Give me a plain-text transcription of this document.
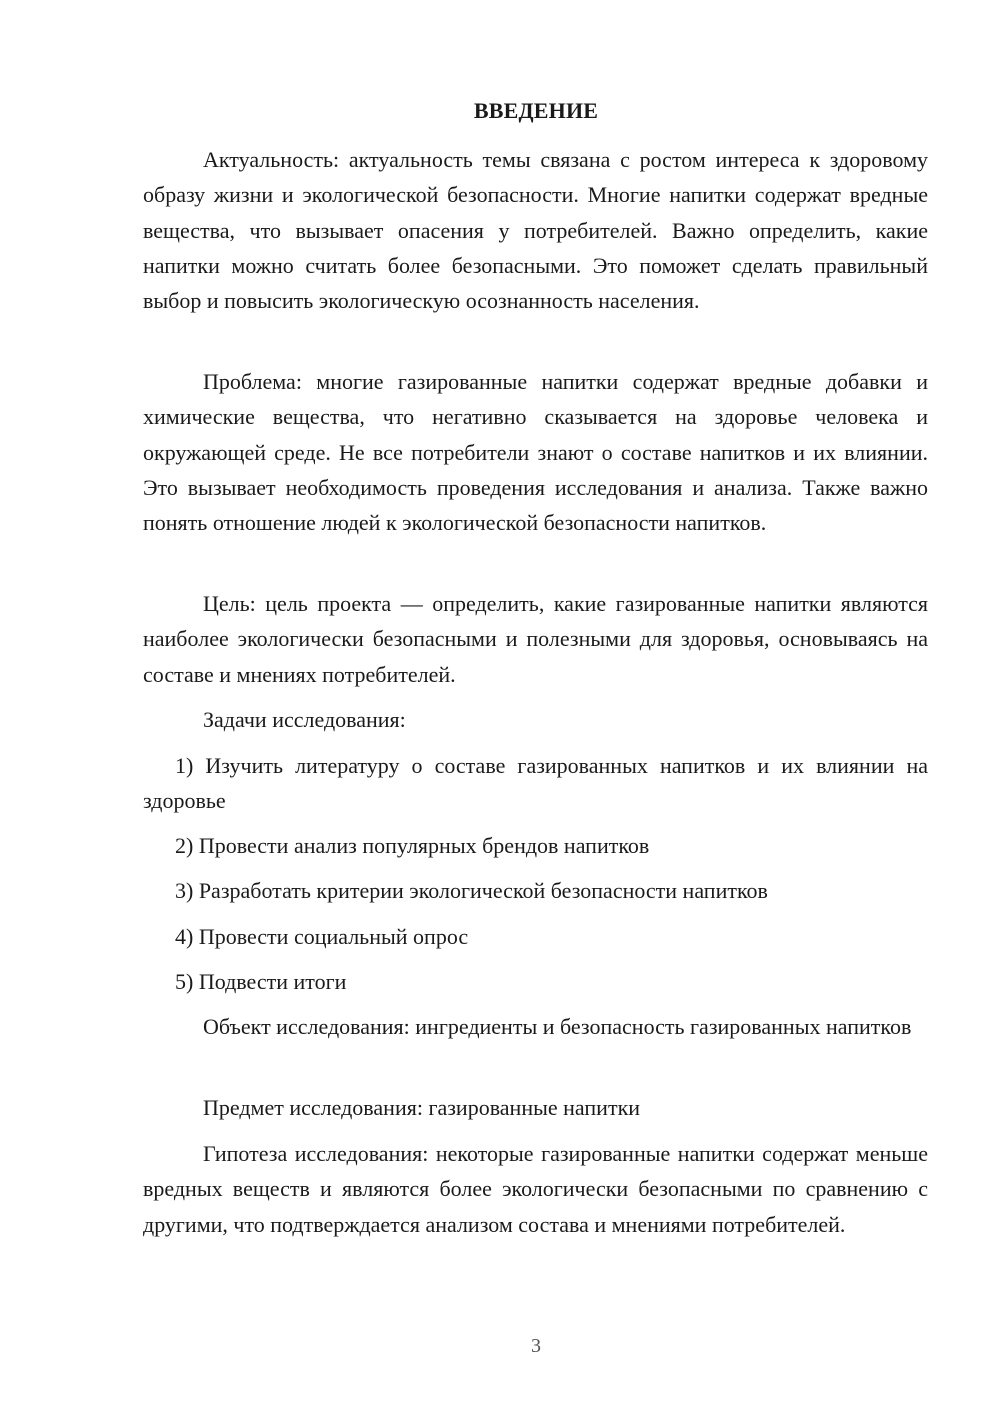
ВВЕДЕНИЕ

Актуальность: актуальность темы связана с ростом интереса к здоровому образу жизни и экологической безопасности. Многие напитки содержат вредные вещества, что вызывает опасения у потребителей. Важно определить, какие напитки можно считать более безопасными. Это поможет сделать правильный выбор и повысить экологическую осознанность населения.

Проблема: многие газированные напитки содержат вредные добавки и химические вещества, что негативно сказывается на здоровье человека и окружающей среде. Не все потребители знают о составе напитков и их влиянии. Это вызывает необходимость проведения исследования и анализа. Также важно понять отношение людей к экологической безопасности напитков.

Цель: цель проекта — определить, какие газированные напитки являются наиболее экологически безопасными и полезными для здоровья, основываясь на составе и мнениях потребителей.

Задачи исследования:

1) Изучить литературу о составе газированных напитков и их влиянии на здоровье

2) Провести анализ популярных брендов напитков

3) Разработать критерии экологической безопасности напитков

4) Провести социальный опрос

5) Подвести итоги

Объект исследования: ингредиенты и безопасность газированных напитков

Предмет исследования: газированные напитки

Гипотеза исследования: некоторые газированные напитки содержат меньше вредных веществ и являются более экологически безопасными по сравнению с другими, что подтверждается анализом состава и мнениями потребителей.

3
